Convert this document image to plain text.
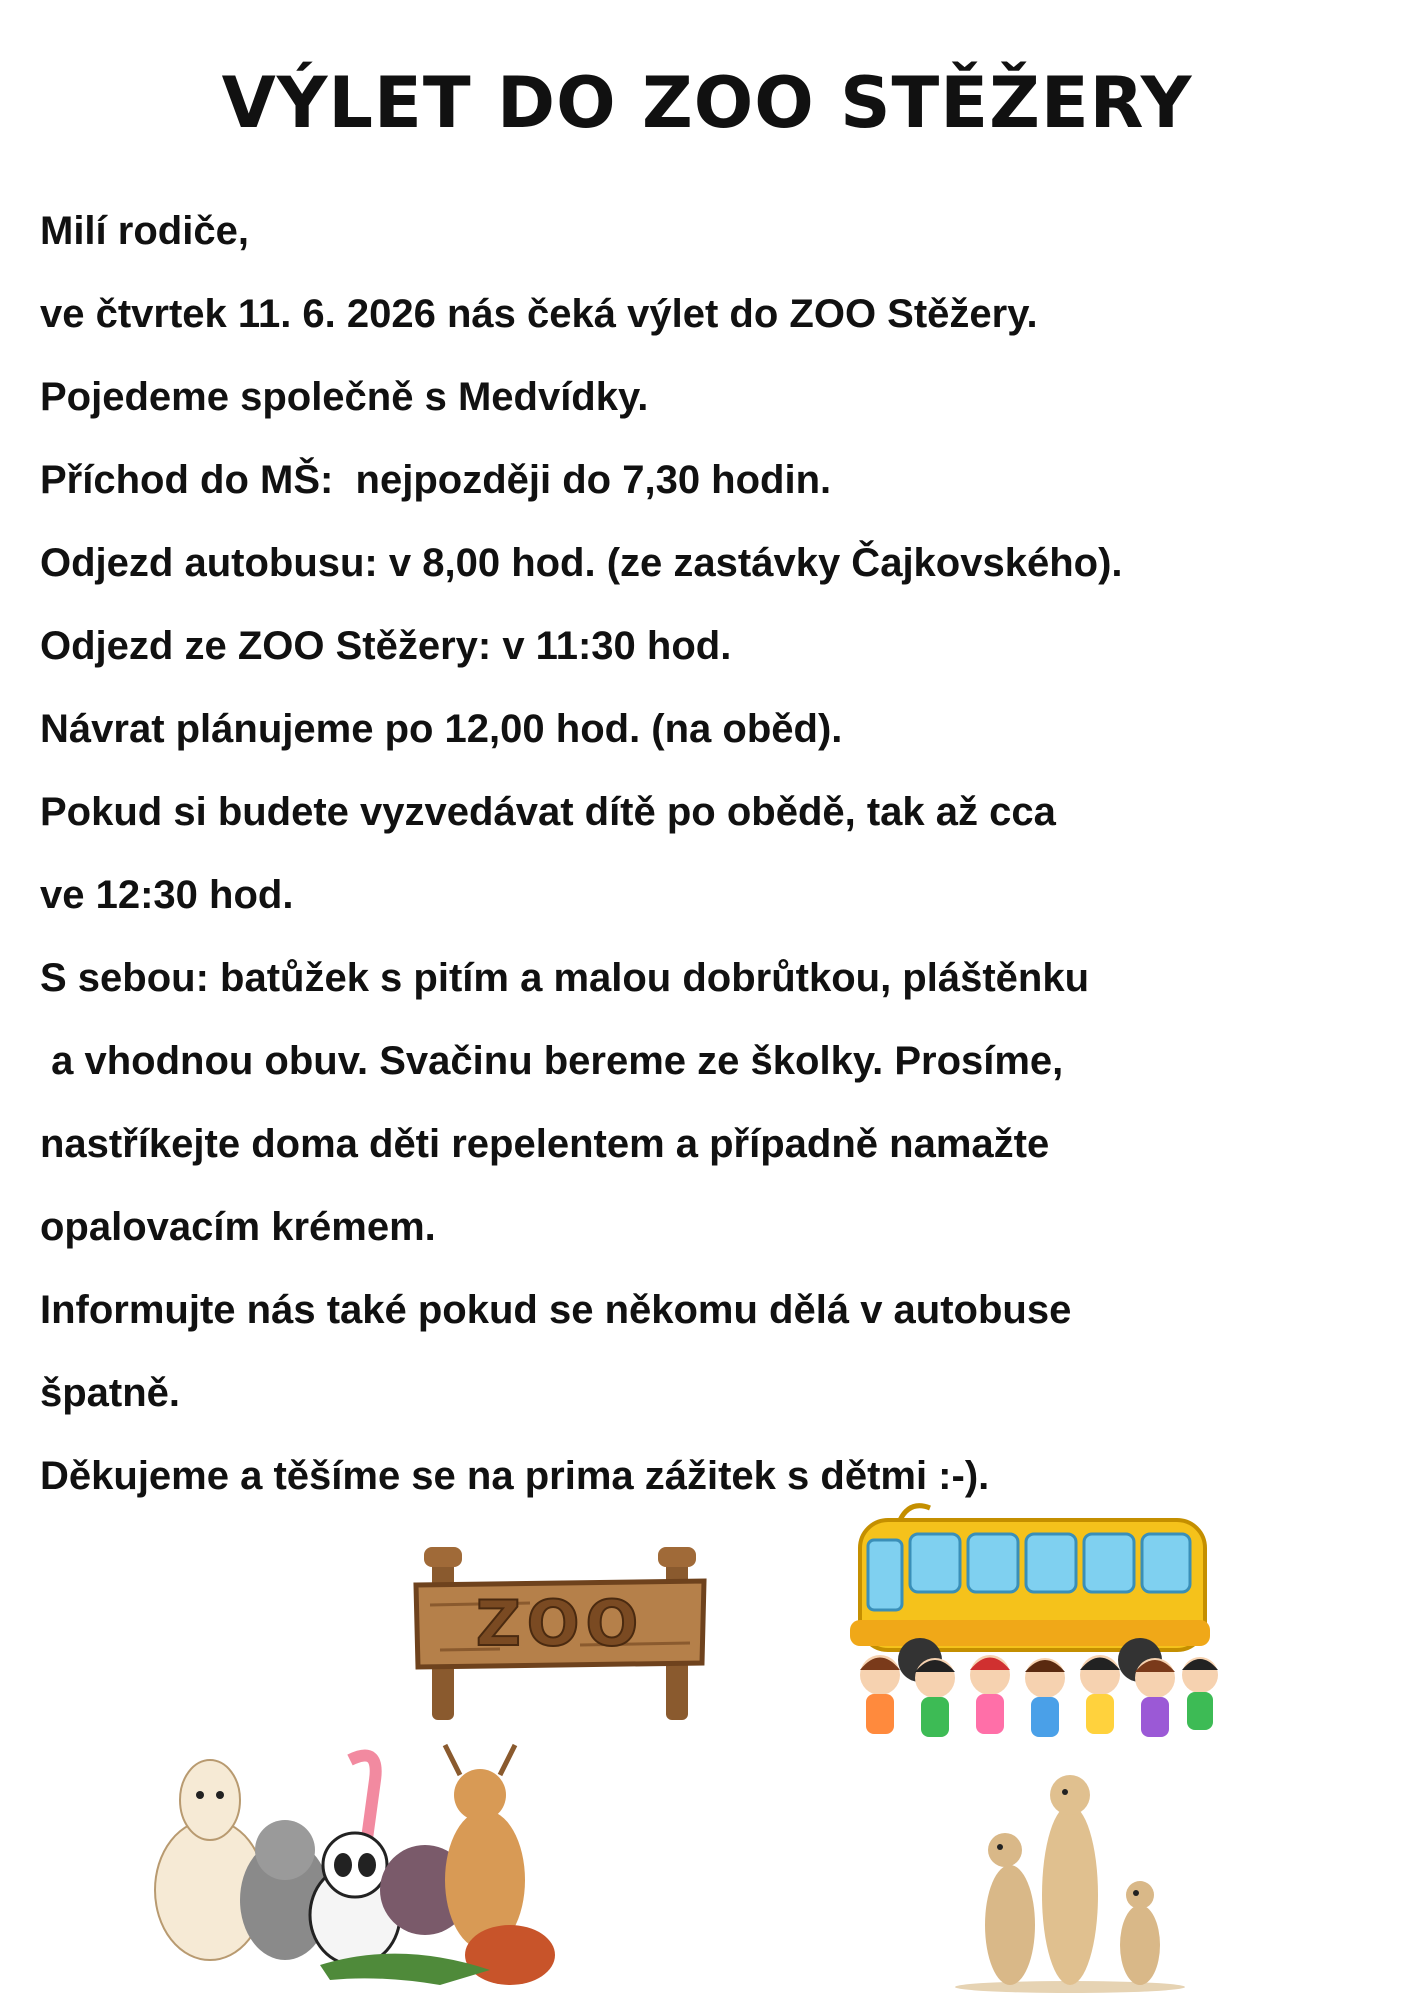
VÝLET DO ZOO STĚŽERY
Milí rodiče,
ve čtvrtek 11. 6. 2026 nás čeká výlet do ZOO Stěžery.
Pojedeme společně s Medvídky.
Příchod do MŠ:  nejpozději do 7,30 hodin.
Odjezd autobusu: v 8,00 hod. (ze zastávky Čajkovského).
Odjezd ze ZOO Stěžery: v 11:30 hod.
Návrat plánujeme po 12,00 hod. (na oběd).
Pokud si budete vyzvedávat dítě po obědě, tak až cca
ve 12:30 hod.
S sebou: batůžek s pitím a malou dobrůtkou, pláštěnku
a vhodnou obuv. Svačinu bereme ze školky. Prosíme,
nastříkejte doma děti repelentem a případně namažte
opalovacím krémem.
Informujte nás také pokud se někomu dělá v autobuse
špatně.
Děkujeme a těšíme se na prima zážitek s dětmi :-).
ZOO
